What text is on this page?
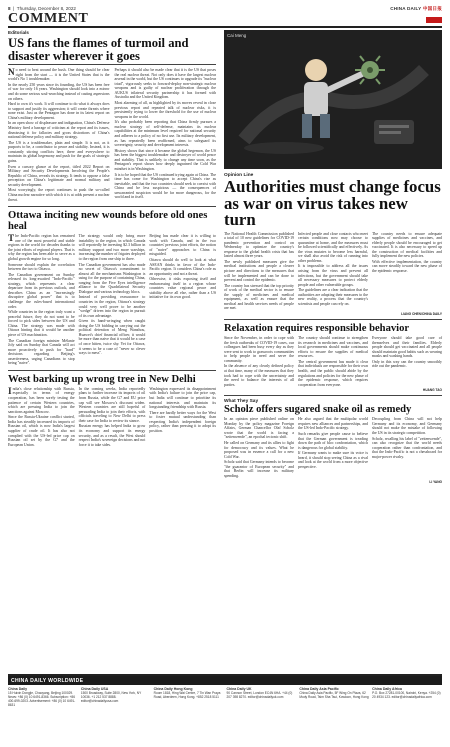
8  |  Thursday, December 8, 2022	CHINA DAILY 中国日报
COMMENT
Editorials
US fans the flames of turmoil and disaster wherever it goes

No need to beat around the bush. One thing should be clear right from the start — it is the United States that is the world's No 1 troublemaker.

In the nearly 250 years since its founding, the US has been free of war for only 16 years. Washington should look into a mirror and do some serious soul-searching instead of casting aspersions on others.

Hard to own it's work. It will continue to do what it always does to support and justify its aggression; it will create threats where none exist. Just as the Pentagon has done in its latest report on China's military development.

In an open show of displeasure and indignation, China's Defense Ministry fired a barrage of criticism at the report and its issues, dismissing it for fallacies and gross distortions of China's national defense policy and military strategy.

The US is a troublemaker, plain and simple. It is not, as it purports to be, a contributor to peace and stability. Instead, it is constantly stirring conflicts here, there and everywhere to maintain its global hegemony and push for the goals of strategic gains.

Even a cursory glance at the report, titled 2022 Report on Military and Security Developments Involving the People's Republic of China, reveals its strategy. It tends to oppose a false perception on China's legitimate and normal military and security development.

Most worryingly, the report continues to push the so-called China nuclear narrative with which it is at odds present a nuclear threat.

Perhaps it should also be made clear that it is the US that poses the real nuclear threat. Not only does it have the largest nuclear arsenal in the world, but the US continues to upgrade its "nuclear triad", vigorously seeks to forward-deploy non-strategic nuclear weapons and is guilty of nuclear proliferation through the AUKUS trilateral security partnership it has formed with Australia and the United Kingdom.

Most alarming of all, as highlighted by its moves reveal in close previous report and repeated talk of nuclear risks, it is persistently trying to lower the threshold for the use of nuclear weapons in the world.

It's also probably been reporting that China firmly pursues a nuclear strategy of self-defense, maintains its nuclear capabilities at the minimum level required for national security and adheres to a policy of no first use. Its military development, as has repeatedly been reaffirmed, aims to safeguard its sovereignty, security and development interests.

History shows that since it became the global hegemon, the US has been the biggest troublemaker and destroyer of world peace and stability. That is unlikely to change any time soon, as the Pentagon's report shows how deeply ingrained the Cold War mindset is in Washington.

It is to be hoped that the US continued trying again at China. The time has come for Washington to accept China's rise as inevitable, and that the two countries should seek to coexist with China and be less suspicious — the consequences of unwarranted suspicion would be far more dangerous, for the world and in itself.

Ottawa inciting new wounds before old ones heal

The Indo-Pacific region has remained one of the most peaceful and stable regions in the world for decades thanks to the joint efforts of regional players. That is why the region has been able to serve as a global growth engine for so long.

Someone should explain the correlation between the two to Ottawa.

The Canadian government on Sunday released its long-awaited "Indo-Pacific" strategy, which represents a clear departure from its previous outlook, and describes China as an "increasingly disruptive global power" that is to challenge the rules-based international order.

While countries in the region truly want a peaceful future, they do not want to be forced to pick sides between the US and China. The strategy was made with Ottawa hinting that it would be another piece of US machination.

The Canadian foreign minister Mélanie Joly said on Sunday that Canada will act more proactively to push for "hard" decisions regarding Beijing's assertiveness, urging Canadians to stop being "naive".

The strategy would only bring more instability to the region, in which Canada will reportedly be investing $2.3 billion in military support and two more warships, increasing the number of frigates deployed to the region from one ship to three.

The Canadian government has also made no secret of Ottawa's commitment to almost all the mechanisms Washington is using for the purpose of containing China, ranging from the Five Eyes intelligence alliance to the Quadrilateral Security Dialogue and various technology blocs.

Instead of providing reassurance to countries in the region, Ottawa's strategy could very well prove to be another "wedge" driven into the region in pursuit of its own advantage.

Given its hand-wringing when caught doing the US bidding in carrying out the political detention of Meng Wanzhou, Huawei's chief financial officer, it would be more than naive that it would be a case of once bitten, twice shy. Yet for Ottawa, it seems to be a case of "never so clever ways to mess".

Beijing has made clear it is willing to work with Canada, and in the two countries' previous joint efforts, the notion of "naive" approaches to China is misguided.

Ottawa should do well to look at what ASEAN thinks in favor of the Indo-Pacific region. It considers China's role as an opportunity and not a threat.

Otherwise, it risks exposing itself and embarrassing itself in a region whose countries value regional peace and stability above all else, rather than a US initiative for its own good.

West barking up wrong tree in New Delhi

India's close relationship with Russia, especially in terms of energy cooperation, has been sorely testing the patience of certain Western countries, which are pressing India to join the sanctions against Moscow.

Since the Russia-Ukraine conflict started, India has steadily increased its imports of Russian oil, which is now India's largest supplier of crude oil. It has also not complied with the US-led price cap on Russian oil set by the G7 and the European Union.

In the coming weeks, India reportedly plans to further increase its imports of oil from Russia, while the G7 and EU price cap will see Moscow's discount widen. Western countries are still hopeful of persuading India to join their efforts, with officials traveling to New Delhi to press their case for India to review its stance.

Russian energy has helped India to grow its economy and support its energy security, and as a result, the West should respect India's sovereign decisions and not force it to take sides.

Washington expressed its disappointment with India's failure to join the price cap, but India will continue to prioritize its national interests and maintain its longstanding friendship with Russia.

There are hardly better ways for the West to foster mutual understanding than respecting India's independent foreign policy, rather than pressing it to adopt its position.

Cai Meng
Opinion Line
Authorities must change focus as war on virus takes new turn

The National Health Commission published a total of 10 new guidelines for COVID-19 pandemic prevention and control on Wednesday to optimize the country's response to the global health crisis that has lasted almost three years.

The newly published measures give the medical institutions and people a clearer picture and directions to the measures that will be implemented and can be done to prevent and control the epidemic.

The country has stressed that the top priority of work of the medical sector is to ensure the supply of medicines and medical equipment, as well as ensure that the medical and health services needs of people are met.

Infected people and close contacts who meet certain conditions now may choose to quarantine at home, and the measures must be followed scientifically and effectively. As the virus mutates to become less harmful, we shall also avoid the risk of running into other problems.

It is impossible to address all the issues arising from the virus and prevent all infections, but the government should take all necessary measures to protect elderly people and other vulnerable groups.

The guidelines are a clear indication that the authorities are adapting their measures to the new reality, a process that the country's scientists and people can rely on.

The country needs to ensure adequate supplies of medicines and vaccines, and elderly people should be encouraged to get vaccinated. It is also necessary to speed up the construction of medical facilities and fully implement the new policies.

With effective implementation, the country can move steadily toward the new phase of the epidemic response.

LIANG CHEN/CHINA DAILY
Relaxation requires responsible behavior

Since the November, in order to cope with the fresh outbreaks of COVID-19 cases, our colleagues had been busy every day as they were sent to work to grassroots communities to help people in need and serve the community.

In the absence of any clearly defined policy at that time, many of the measures that they took had to cope with the uncertainty and the need to balance the interests of all parties.

The country should continue to strengthen its research in medicines and vaccines, and local governments should make continuous efforts to ensure the supplies of medical resources.

The central government has made it clear that individuals are responsible for their own health, and the public should abide by the regulations and policies for the new phase of the epidemic response, which requires cooperation from everyone.

Everyone should take good care of themselves and their families. Elderly people should get vaccinated and all people should maintain good habits such as wearing masks and washing hands.

Only in this way can the country smoothly ride out the pandemic.

HUANG TAO
What They Say
Scholz offers sugared snake oil as remedy

In an opinion piece published online on Monday by the policy magazine Foreign Affairs, German Chancellor Olaf Scholz wrote that the world is facing a "zeitenwende", an epochal tectonic shift.

He called on Germany and its allies to fight for democracy and its values. What he proposed was in essence a call for a new Cold War.

Scholz said that Germany intends to become "the guarantor of European security" and that Berlin will increase its military spending.

He also argued that the multipolar world requires new alliances and partnerships, and the US-led Indo-Pacific strategy.

Such remarks give people cause to believe that the German government is treading down the path of bloc confrontation, which is dangerous for global stability.

If Germany wants to make sure its voice is heard, it should stop seeing China as a rival and look at the world from a more objective perspective.

Decoupling from China will not help Germany and its economy, and Germany should not make the mistake of following the US in its strategic competition.

Scholz, recalling his label of "zeitenwende", can also recognize that the world needs cooperation rather than confrontation, and that the Indo-Pacific is not a chessboard for major-power rivalry.

LI YANG
CHINA DAILY WORLDWIDE
China Daily
15 Huixin Dongjie, Chaoyang, Beijing 100029. News: +86 (0) 10 6491-8366. Subscription: +86 400-699-0203. Advertisement: +86 (0) 10 6491-8631
China Daily USA
1500 Broadway, Suite 2800, New York, NY 10036. +1 212 537 8888. editor@chinadailyusa.com
China Daily Hong Kong
Room 1818, Hing Wai Centre, 7 Tin Wan Praya Road, Aberdeen, Hong Kong. +852 2518 5111
China Daily UK
90 Cannon Street, London EC4N 6HA. +44 (0) 207 398 8270. editor@chinadailyuk.com
China Daily Asia Pacific
China Daily Asia Pacific, 5F Wing On Plaza, 62 Mody Road, Tsim Sha Tsui, Kowloon, Hong Kong
China Daily Africa
P.O. Box 27281-00100, Nairobi, Kenya. +254 (0) 20 4934 123. editor@chinadailyafrica.com
